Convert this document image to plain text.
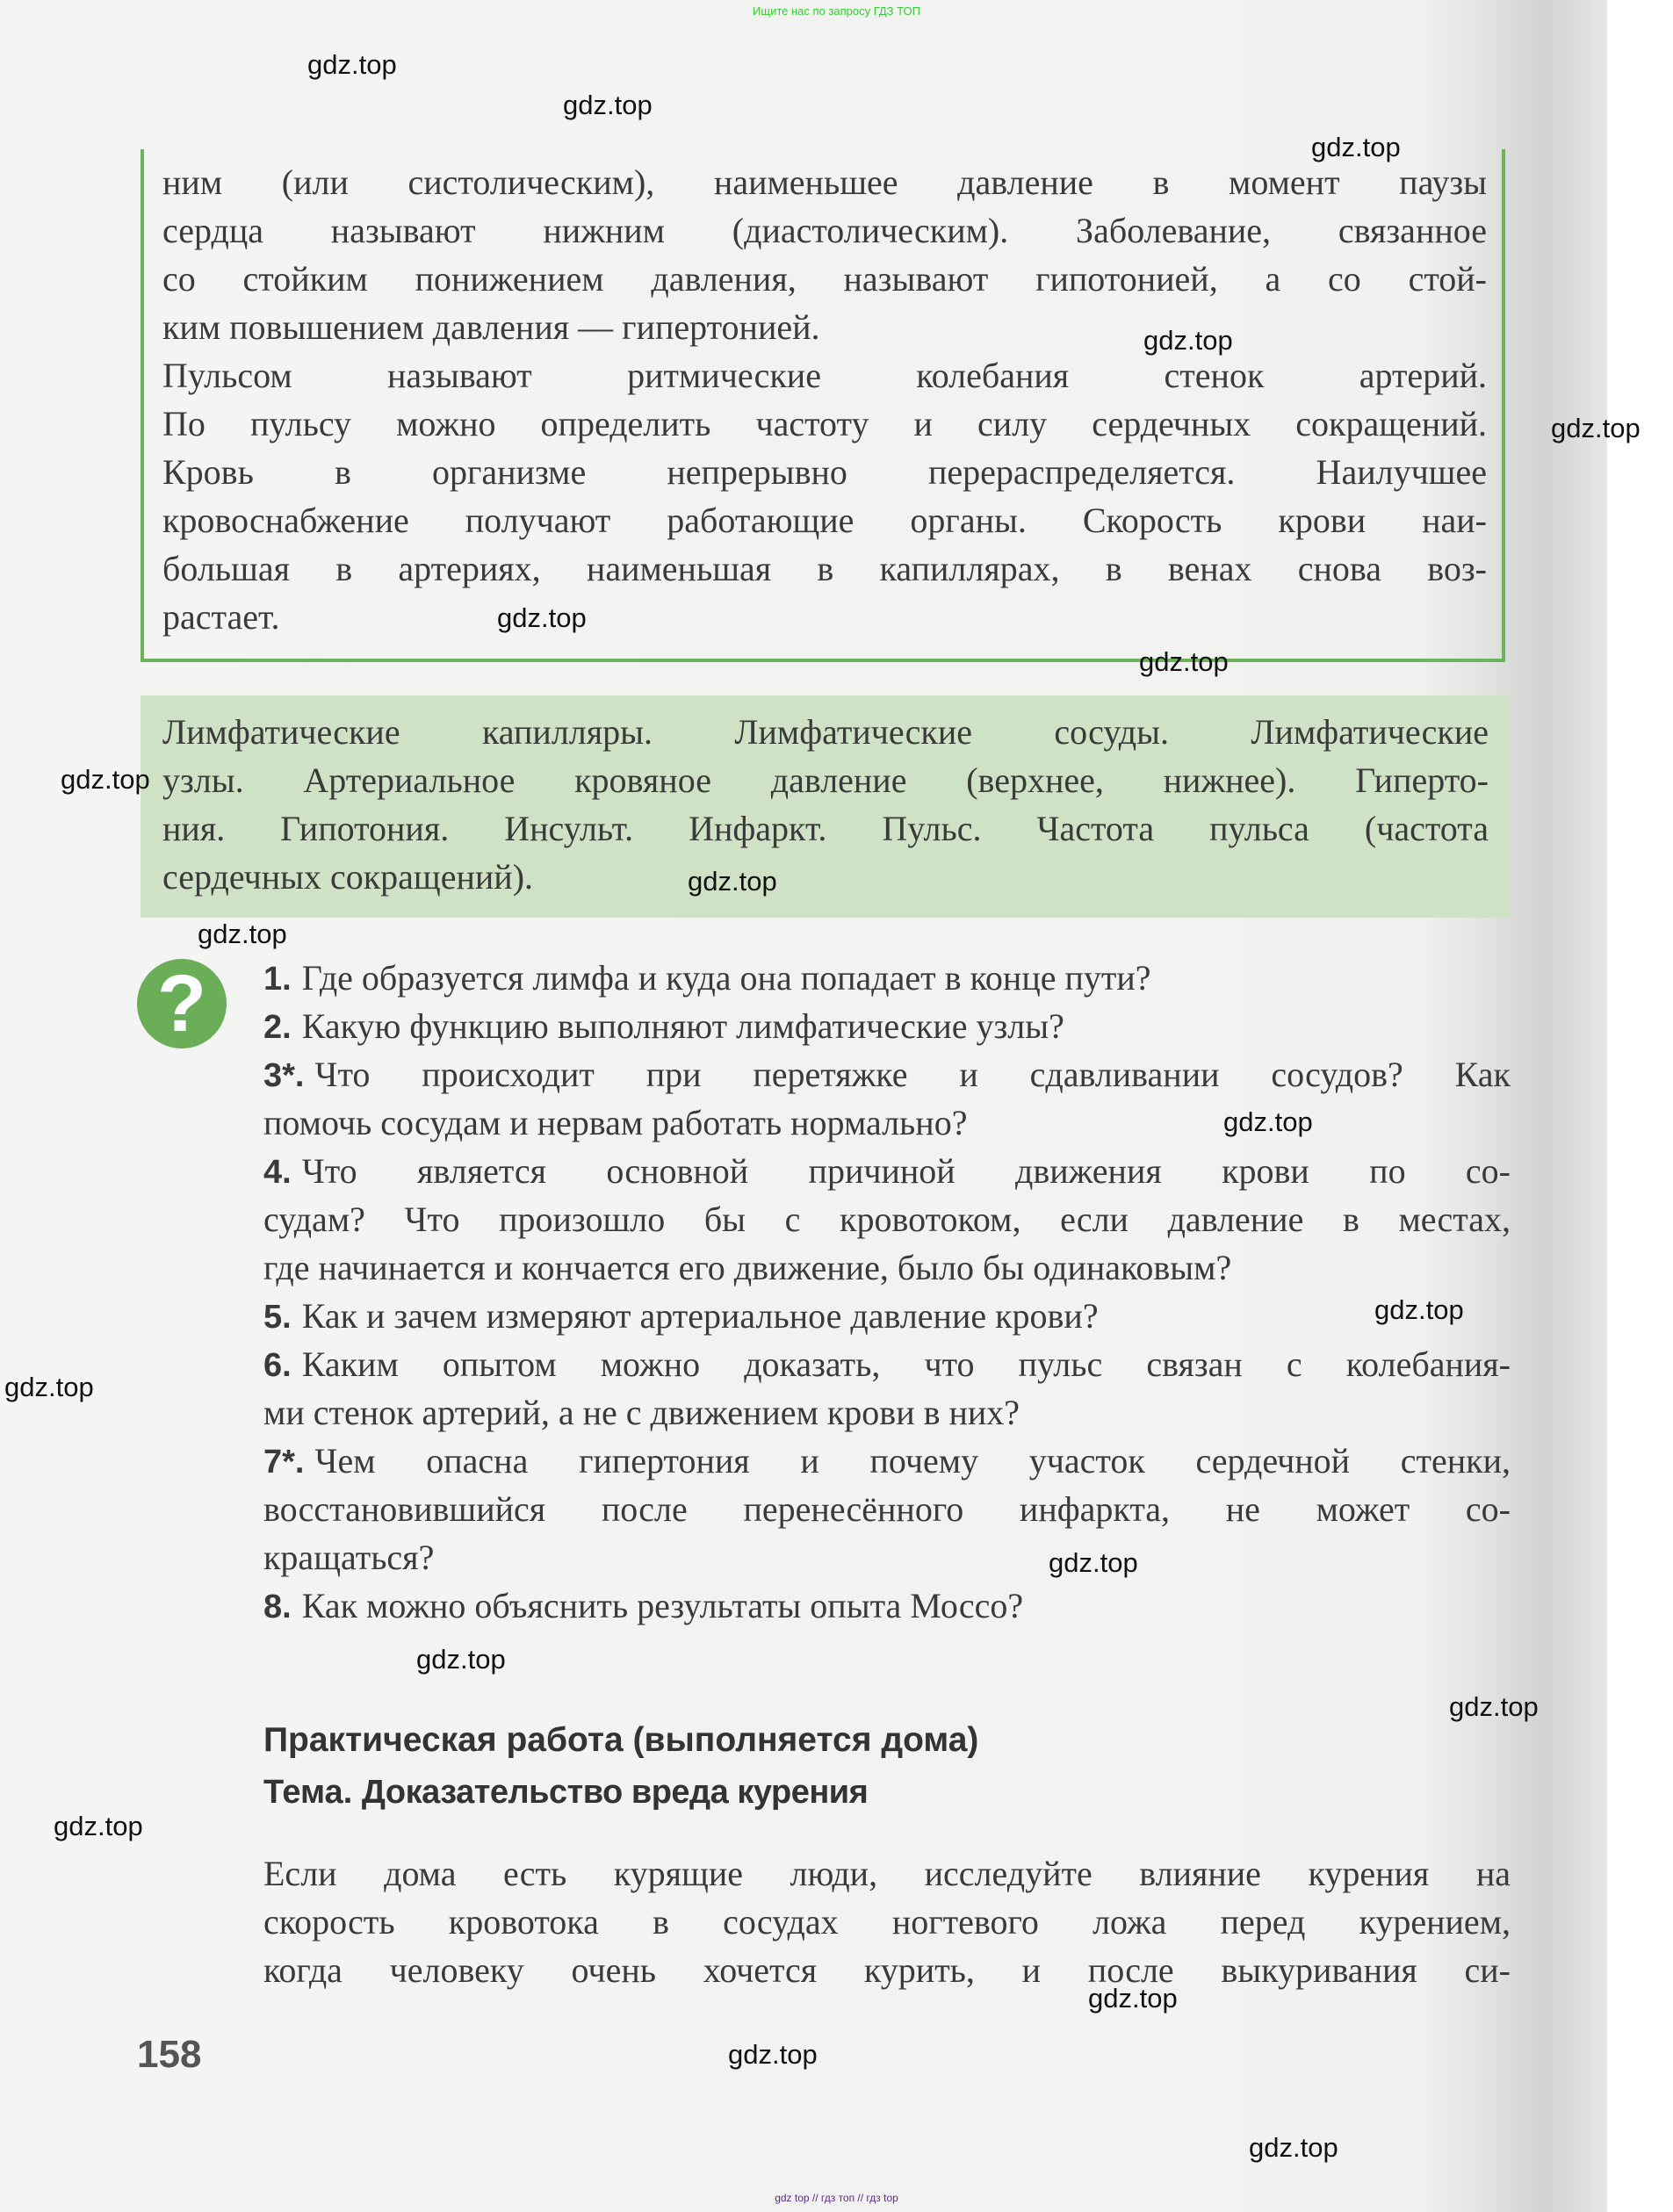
Ищите нас по запросу ГДЗ ТОП
ним (или систолическим), наименьшее давление в момент паузы
сердца называют нижним (диастолическим). Заболевание, связанное
со стойким понижением давления, называют гипотонией, а со стой-
ким повышением давления — гипертонией.
Пульсом называют ритмические колебания стенок артерий.
По пульсу можно определить частоту и силу сердечных сокращений.
Кровь в организме непрерывно перераспределяется. Наилучшее
кровоснабжение получают работающие органы. Скорость крови наи-
большая в артериях, наименьшая в капиллярах, в венах снова воз-
растает.
Лимфатические капилляры. Лимфатические сосуды. Лимфатические
узлы. Артериальное кровяное давление (верхнее, нижнее). Гиперто-
ния. Гипотония. Инсульт. Инфаркт. Пульс. Частота пульса (частота
сердечных сокращений).
?	1. Где образуется лимфа и куда она попадает в конце пути?
2. Какую функцию выполняют лимфатические узлы?
3*. Что происходит при перетяжке и сдавливании сосудов? Как
помочь сосудам и нервам работать нормально?
4. Что является основной причиной движения крови по со-
судам? Что произошло бы с кровотоком, если давление в местах,
где начинается и кончается его движение, было бы одинаковым?
5. Как и зачем измеряют артериальное давление крови?
6. Каким опытом можно доказать, что пульс связан с колебания-
ми стенок артерий, а не с движением крови в них?
7*. Чем опасна гипертония и почему участок сердечной стенки,
восстановившийся после перенесённого инфаркта, не может со-
кращаться?
8. Как можно объяснить результаты опыта Моссо?
Практическая работа (выполняется дома)
Тема. Доказательство вреда курения
Если дома есть курящие люди, исследуйте влияние курения на
скорость кровотока в сосудах ногтевого ложа перед курением,
когда человеку очень хочется курить, и после выкуривания си-
158
gdz.top
gdz.top
gdz.top
gdz.top
gdz.top
gdz.top
gdz.top
gdz.top
gdz.top
gdz.top
gdz.top
gdz.top
gdz.top
gdz.top
gdz.top
gdz.top
gdz.top
gdz.top
gdz.top
gdz.top
gdz top // гдз топ // гдз top
